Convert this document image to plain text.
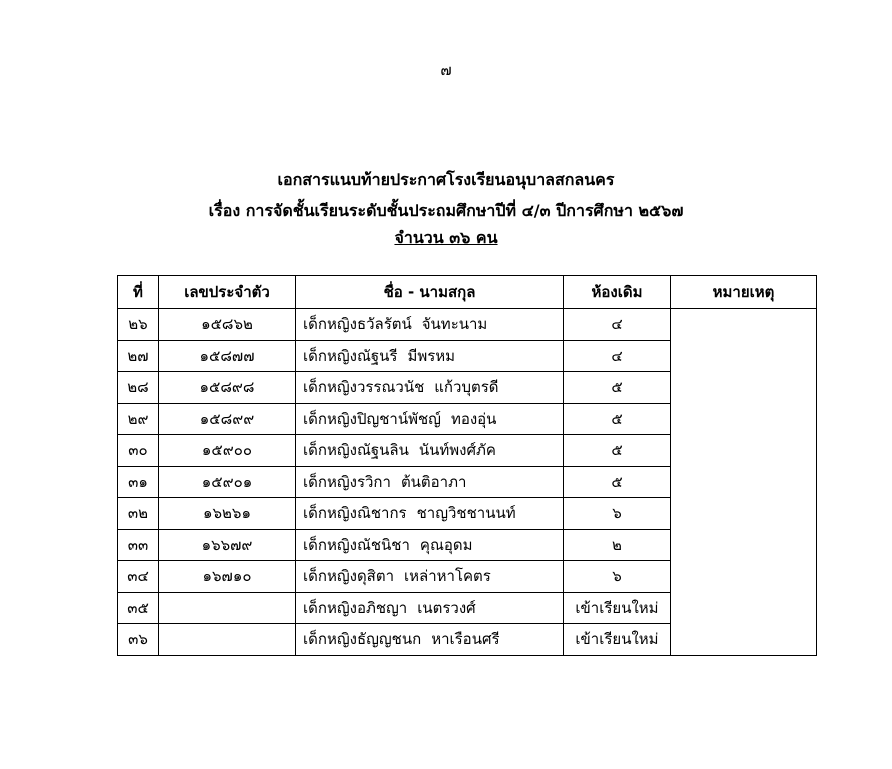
๗
เอกสารแนบท้ายประกาศโรงเรียนอนุบาลสกลนคร
เรื่อง การจัดชั้นเรียนระดับชั้นประถมศึกษาปีที่ ๔/๓ ปีการศึกษา ๒๕๖๗
จำนวน ๓๖ คน
ที่	เลขประจำตัว	ชื่อ - นามสกุล	ห้องเดิม	หมายเหตุ
๒๖	๑๕๘๖๒	เด็กหญิงธวัลรัตน์ จันทะนาม	๔	
๒๗	๑๕๘๗๗	เด็กหญิงณัฐนรี มีพรหม	๔	
๒๘	๑๕๘๙๘	เด็กหญิงวรรณวนัช แก้วบุตรดี	๕	
๒๙	๑๕๘๙๙	เด็กหญิงปิญชาน์พัชญ์ ทองอุ่น	๕	
๓๐	๑๕๙๐๐	เด็กหญิงณัฐนลิน นันท์พงศ์ภัค	๕	
๓๑	๑๕๙๐๑	เด็กหญิงรวิกา ต้นติอาภา	๕	
๓๒	๑๖๒๖๑	เด็กหญิงณิชากร ชาญวิชชานนท์	๖	
๓๓	๑๖๖๗๙	เด็กหญิงณัชนิชา คุณอุดม	๒	
๓๔	๑๖๗๑๐	เด็กหญิงดุสิตา เหล่าหาโคตร	๖	
๓๕		เด็กหญิงอภิชญา เนตรวงศ์	เข้าเรียนใหม่	
๓๖		เด็กหญิงธัญญชนก หาเรือนศรี	เข้าเรียนใหม่	
